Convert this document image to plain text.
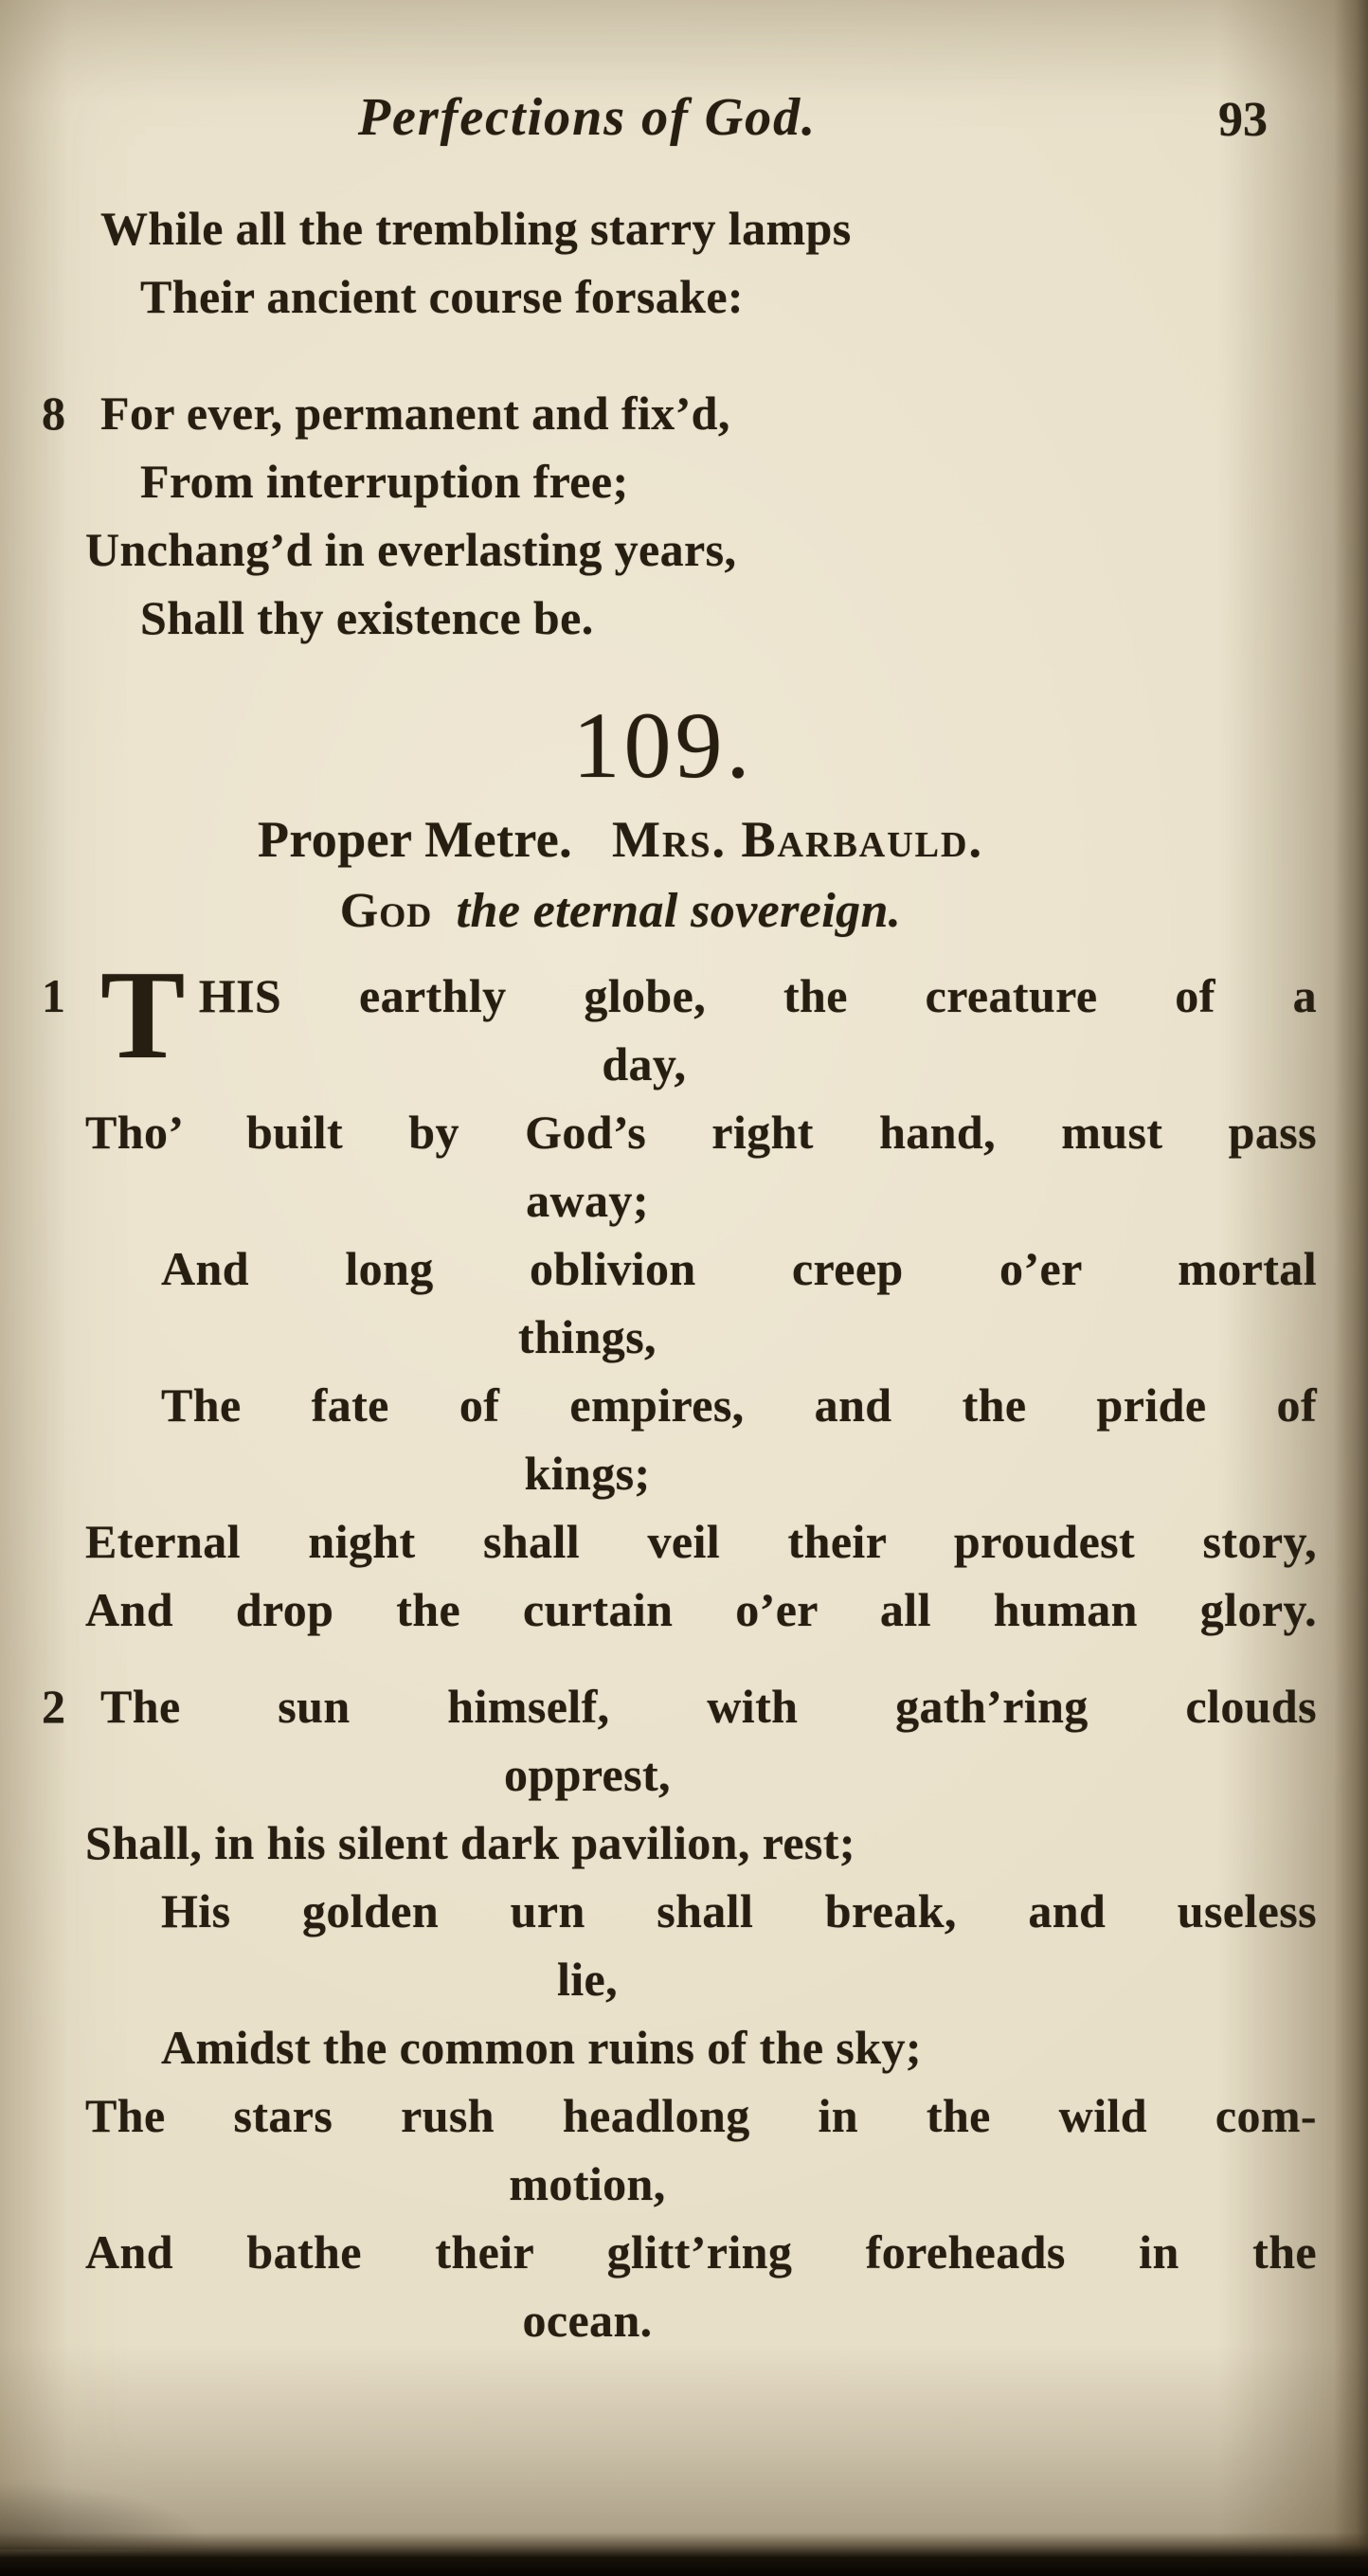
Perfections of God.	93
While all the trembling starry lamps
Their ancient course forsake:
8 For ever, permanent and fix’d,
From interruption free;
Unchang’d in everlasting years,
Shall thy existence be.
109.
Proper Metre. Mrs. Barbauld.
God the eternal sovereign.
1 T HIS earthly globe, the creature of a
day,
Tho’ built by God’s right hand, must pass
away;
And long oblivion creep o’er mortal
things,
The fate of empires, and the pride of
kings;
Eternal night shall veil their proudest story,
And drop the curtain o’er all human glory.
2 The sun himself, with gath’ring clouds
opprest,
Shall, in his silent dark pavilion, rest;
His golden urn shall break, and useless
lie,
Amidst the common ruins of the sky;
The stars rush headlong in the wild com-
motion,
And bathe their glitt’ring foreheads in the
ocean.
